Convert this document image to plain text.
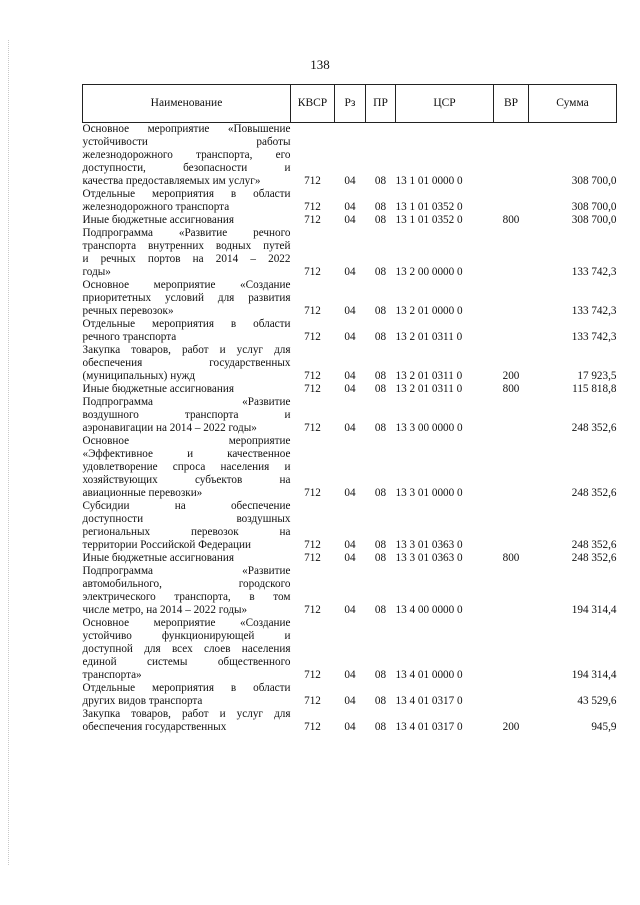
138
Наименование	КВСР	Рз	ПР	ЦСР	ВР	Сумма

Основное мероприятие «Повышение
устойчивости работы
железнодорожного транспорта, его
доступности, безопасности и
качества предоставляемых им услуг»	712	04	08	13 1 01 0000 0		308 700,0

Отдельные мероприятия в области
железнодорожного транспорта	712	04	08	13 1 01 0352 0		308 700,0

Иные бюджетные ассигнования	712	04	08	13 1 01 0352 0	800	308 700,0

Подпрограмма «Развитие речного
транспорта внутренних водных путей
и речных портов на 2014 – 2022
годы»	712	04	08	13 2 00 0000 0		133 742,3

Основное мероприятие «Создание
приоритетных условий для развития
речных перевозок»	712	04	08	13 2 01 0000 0		133 742,3

Отдельные мероприятия в области
речного транспорта	712	04	08	13 2 01 0311 0		133 742,3

Закупка товаров, работ и услуг для
обеспечения государственных
(муниципальных) нужд	712	04	08	13 2 01 0311 0	200	17 923,5

Иные бюджетные ассигнования	712	04	08	13 2 01 0311 0	800	115 818,8

Подпрограмма «Развитие
воздушного транспорта и
аэронавигации на 2014 – 2022 годы»	712	04	08	13 3 00 0000 0		248 352,6

Основное мероприятие
«Эффективное и качественное
удовлетворение спроса населения и
хозяйствующих субъектов на
авиационные перевозки»	712	04	08	13 3 01 0000 0		248 352,6

Субсидии на обеспечение
доступности воздушных
региональных перевозок на
территории Российской Федерации	712	04	08	13 3 01 0363 0		248 352,6

Иные бюджетные ассигнования	712	04	08	13 3 01 0363 0	800	248 352,6

Подпрограмма «Развитие
автомобильного, городского
электрического транспорта, в том
числе метро, на 2014 – 2022 годы»	712	04	08	13 4 00 0000 0		194 314,4

Основное мероприятие «Создание
устойчиво функционирующей и
доступной для всех слоев населения
единой системы общественного
транспорта»	712	04	08	13 4 01 0000 0		194 314,4

Отдельные мероприятия в области
других видов транспорта	712	04	08	13 4 01 0317 0		43 529,6

Закупка товаров, работ и услуг для
обеспечения государственных	712	04	08	13 4 01 0317 0	200	945,9
